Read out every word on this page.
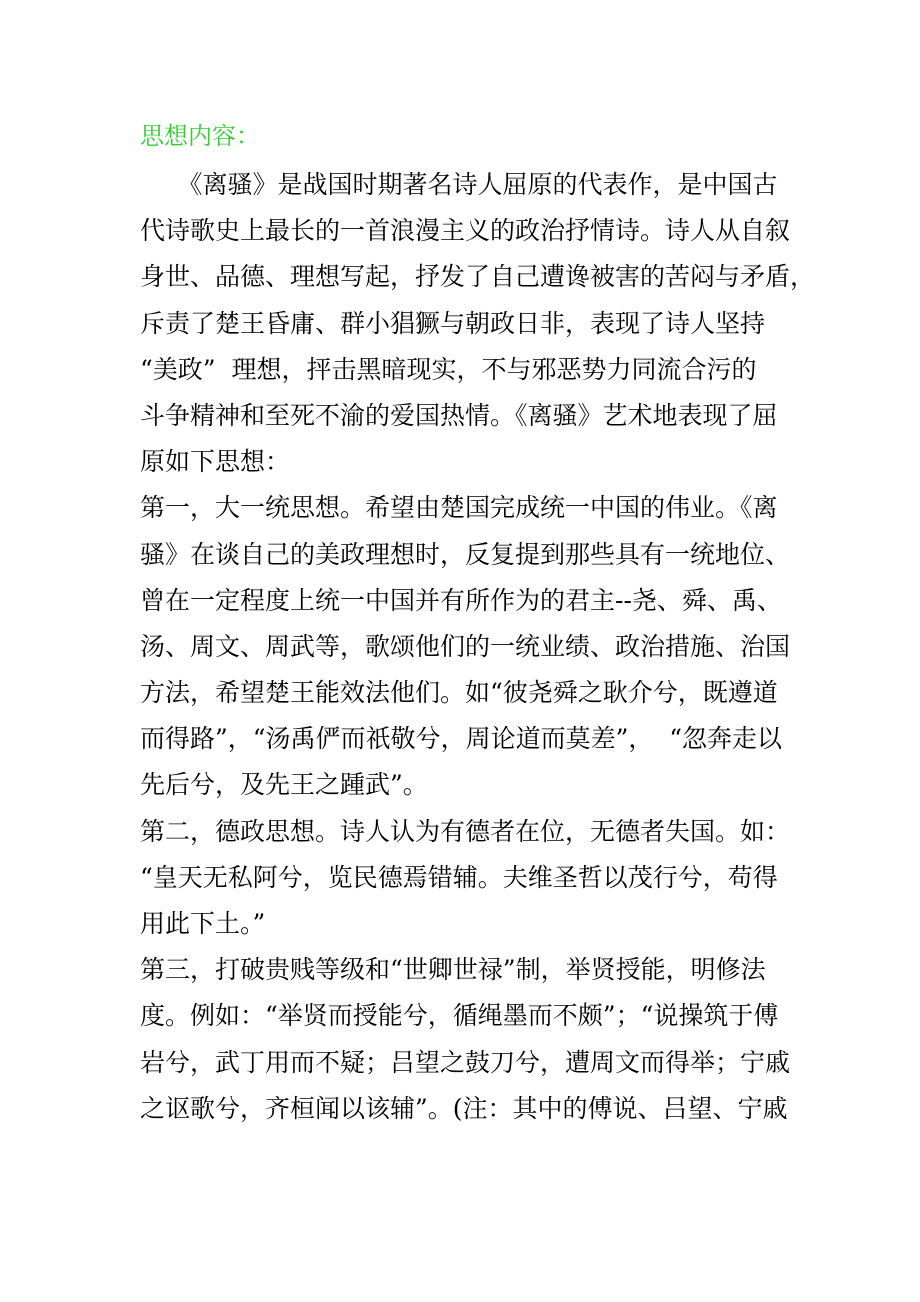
思想内容：
　　《离骚》是战国时期著名诗人屈原的代表作，是中国古
代诗歌史上最长的一首浪漫主义的政治抒情诗。诗人从自叙
身世、品德、理想写起，抒发了自己遭谗被害的苦闷与矛盾，
斥责了楚王昏庸、群小猖獗与朝政日非，表现了诗人坚持
“美政”  理想，抨击黑暗现实，不与邪恶势力同流合污的
斗争精神和至死不渝的爱国热情。《离骚》艺术地表现了屈
原如下思想：
第一，大一统思想。希望由楚国完成统一中国的伟业。《离
骚》在谈自己的美政理想时，反复提到那些具有一统地位、
曾在一定程度上统一中国并有所作为的君主--尧、舜、禹、
汤、周文、周武等，歌颂他们的一统业绩、政治措施、治国
方法，希望楚王能效法他们。如“彼尧舜之耿介兮，既遵道
而得路”，“汤禹俨而祇敬兮，周论道而莫差”，  “忽奔走以
先后兮，及先王之踵武”。
第二，德政思想。诗人认为有德者在位，无德者失国。如：
“皇天无私阿兮，览民德焉错辅。夫维圣哲以茂行兮，苟得
用此下土。”
第三，打破贵贱等级和“世卿世禄”制，举贤授能，明修法
度。例如：“举贤而授能兮，循绳墨而不颇”；“说操筑于傅
岩兮，武丁用而不疑；吕望之鼓刀兮，遭周文而得举；宁戚
之讴歌兮，齐桓闻以该辅”。(注：其中的傅说、吕望、宁戚
